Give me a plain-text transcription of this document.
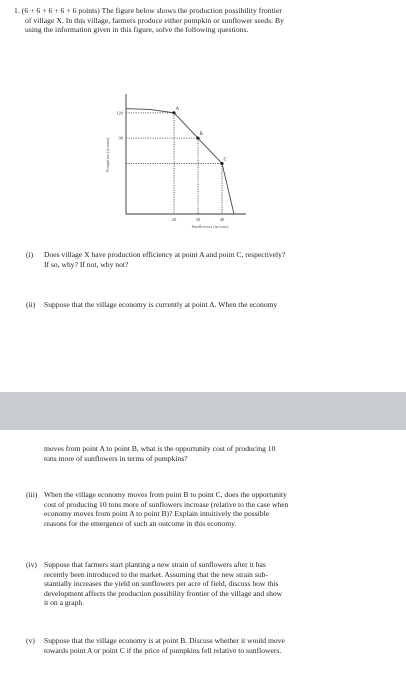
1. (6 + 6 + 6 + 6 + 6 points) The figure below shows the production possibility frontier
of village X. In this village, farmers produce either pumpkin or sunflower seeds. By
using the information given in this figure, solve the following questions.
A
B
C
120
90
20	30	40
Sunflowers (in tons)
Pumpkins (in tons)
(i) Does village X have production efficiency at point A and point C, respectively?
If so, why? If not, why not?
(ii) Suppose that the village economy is currently at point A. When the economy
moves from point A to point B, what is the opportunity cost of producing 10
tons more of sunflowers in terms of pumpkins?
(iii) When the village economy moves from point B to point C, does the opportunity
cost of producing 10 tons more of sunflowers increase (relative to the case when
economy moves from point A to point B)? Explain intuitively the possible
reasons for the emergence of such an outcome in this economy.
(iv) Suppose that farmers start planting a new strain of sunflowers after it has
recently been introduced to the market. Assuming that the new strain sub-
stantially increases the yield on sunflowers per acre of field, discuss how this
development affects the production possibility frontier of the village and show
it on a graph.
(v) Suppose that the village economy is at point B. Discuss whether it would move
towards point A or point C if the price of pumpkins fell relative to sunflowers.
